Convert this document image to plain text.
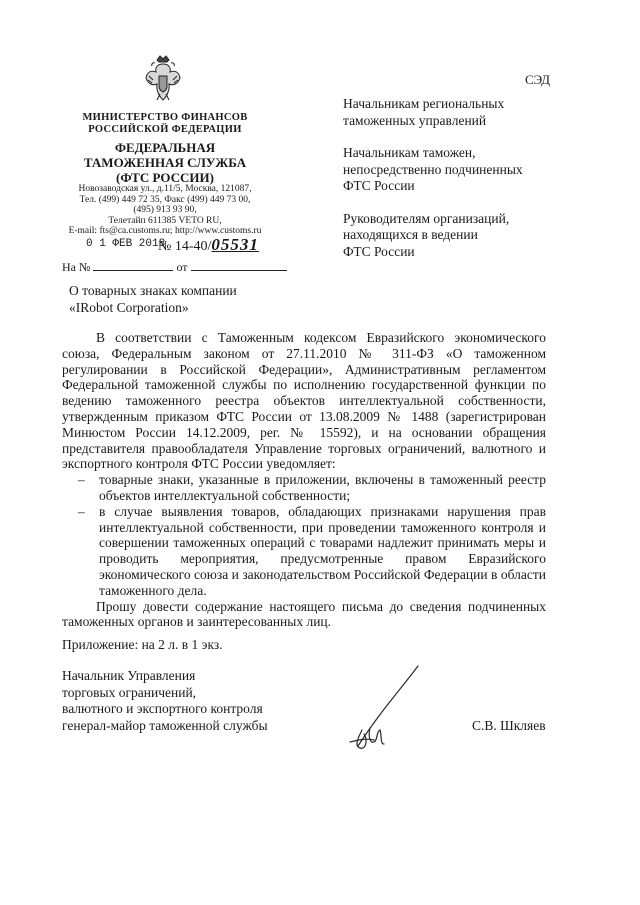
МИНИСТЕРСТВО ФИНАНСОВ
РОССИЙСКОЙ ФЕДЕРАЦИИ
ФЕДЕРАЛЬНАЯ
ТАМОЖЕННАЯ СЛУЖБА
(ФТС РОССИИ)
Новозаводская ул., д.11/5, Москва, 121087,
Тел. (499) 449 72 35, Факс (499) 449 73 00,
(495) 913 93 90,
Телетайп 611385 VETO RU,
E-mail: fts@ca.customs.ru; http://www.customs.ru
0 1 ФЕВ 2018
№ 14-40/05531
На №	от
СЭД

Начальникам региональных
таможенных управлений

Начальникам таможен,
непосредственно подчиненных
ФТС России

Руководителям организаций,
находящихся в ведении
ФТС России

О товарных знаках компании
«IRobot Corporation»

В соответствии с Таможенным кодексом Евразийского экономического союза, Федеральным законом от 27.11.2010 № 311-ФЗ «О таможенном регулировании в Российской Федерации», Административным регламентом Федеральной таможенной службы по исполнению государственной функции по ведению таможенного реестра объектов интеллектуальной собственности, утвержденным приказом ФТС России от 13.08.2009 № 1488 (зарегистрирован Минюстом России 14.12.2009, рег. № 15592), и на основании обращения представителя правообладателя Управление торговых ограничений, валютного и экспортного контроля ФТС России уведомляет:

– товарные знаки, указанные в приложении, включены в таможенный реестр объектов интеллектуальной собственности;
– в случае выявления товаров, обладающих признаками нарушения прав интеллектуальной собственности, при проведении таможенного контроля и совершении таможенных операций с товарами надлежит принимать меры и проводить мероприятия, предусмотренные правом Евразийского экономического союза и законодательством Российской Федерации в области таможенного дела.

Прошу довести содержание настоящего письма до сведения подчиненных таможенных органов и заинтересованных лиц.

Приложение: на 2 л. в 1 экз.
Начальник Управления
торговых ограничений,
валютного и экспортного контроля
генерал-майор таможенной службы	С.В. Шкляев
